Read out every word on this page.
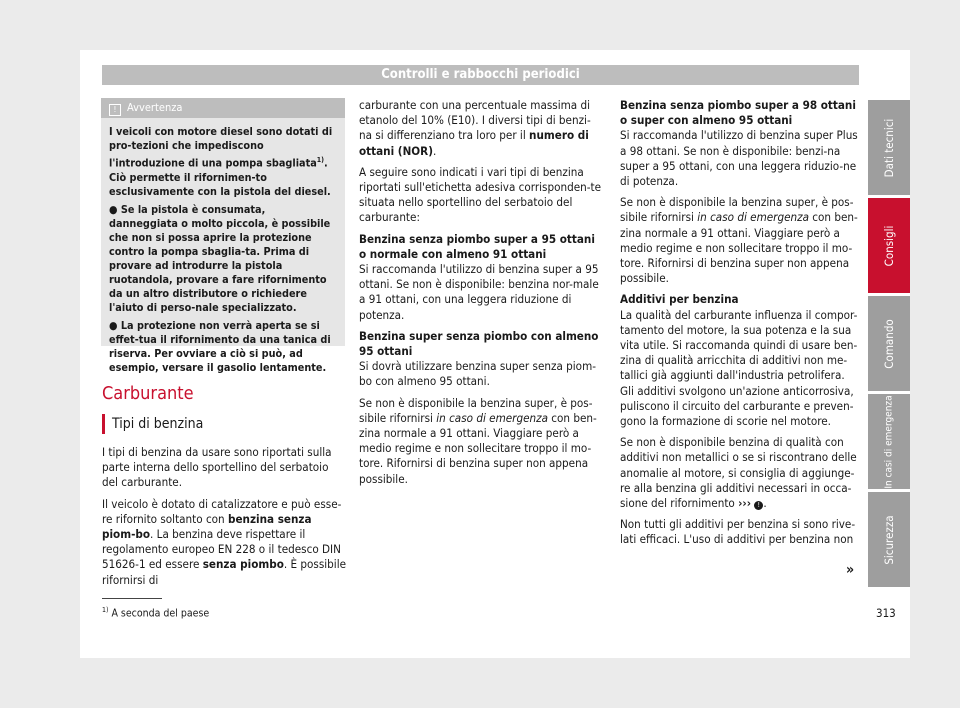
Controlli e rabbocchi periodici
! Avvertenza

I veicoli con motore diesel sono dotati di pro-tezioni che impediscono l'introduzione di una pompa sbagliata$^{1)}$. Ciò permette il rifornimen-to esclusivamente con la pistola del diesel.

● Se la pistola è consumata, danneggiata o molto piccola, è possibile che non si possa aprire la protezione contro la pompa sbaglia-ta. Prima di provare ad introdurre la pistola ruotandola, provare a fare rifornimento da un altro distributore o richiedere l'aiuto di perso-nale specializzato.

● La protezione non verrà aperta se si effet-tua il rifornimento da una tanica di riserva. Per ovviare a ciò si può, ad esempio, versare il gasolio lentamente.

Carburante
Tipi di benzina

I tipi di benzina da usare sono riportati sulla parte interna dello sportellino del serbatoio del carburante.

Il veicolo è dotato di catalizzatore e può esse-re rifornito soltanto con benzina senza piom-bo. La benzina deve rispettare il regolamento europeo EN 228 o il tedesco DIN 51626-1 ed essere senza piombo. È possibile rifornirsi di

carburante con una percentuale massima di etanolo del 10% (E10). I diversi tipi di benzi-na si differenziano tra loro per il numero di ottani (NOR).

A seguire sono indicati i vari tipi di benzina riportati sull'etichetta adesiva corrisponden-te situata nello sportellino del serbatoio del carburante:

Benzina senza piombo super a 95 ottani o normale con almeno 91 ottani

Si raccomanda l'utilizzo di benzina super a 95 ottani. Se non è disponibile: benzina nor-male a 91 ottani, con una leggera riduzione di potenza.

Benzina super senza piombo con almeno 95 ottani

Si dovrà utilizzare benzina super senza piom-bo con almeno 95 ottani.

Se non è disponibile la benzina super, è pos-sibile rifornirsi in caso di emergenza con ben-zina normale a 91 ottani. Viaggiare però a medio regime e non sollecitare troppo il mo-tore. Rifornirsi di benzina super non appena possibile.

Benzina senza piombo super a 98 ottani o super con almeno 95 ottani

Si raccomanda l'utilizzo di benzina super Plus a 98 ottani. Se non è disponibile: benzi-na super a 95 ottani, con una leggera riduzio-ne di potenza.

Se non è disponibile la benzina super, è pos-sibile rifornirsi in caso di emergenza con ben-zina normale a 91 ottani. Viaggiare però a medio regime e non sollecitare troppo il mo-tore. Rifornirsi di benzina super non appena possibile.

Additivi per benzina

La qualità del carburante influenza il compor-tamento del motore, la sua potenza e la sua vita utile. Si raccomanda quindi di usare ben-zina di qualità arricchita di additivi non me-tallici già aggiunti dall'industria petrolifera. Gli additivi svolgono un'azione anticorrosiva, puliscono il circuito del carburante e preven-gono la formazione di scorie nel motore.

Se non è disponibile benzina di qualità con additivi non metallici o se si riscontrano delle anomalie al motore, si consiglia di aggiunge-re alla benzina gli additivi necessari in occa-sione del rifornimento ››› ! .

Non tutti gli additivi per benzina si sono rive-lati efficaci. L'uso di additivi per benzina non

»
Dati tecnici
Consigli
Comando
In casi di emergenza
Sicurezza
$^{1)}$ A seconda del paese	313
